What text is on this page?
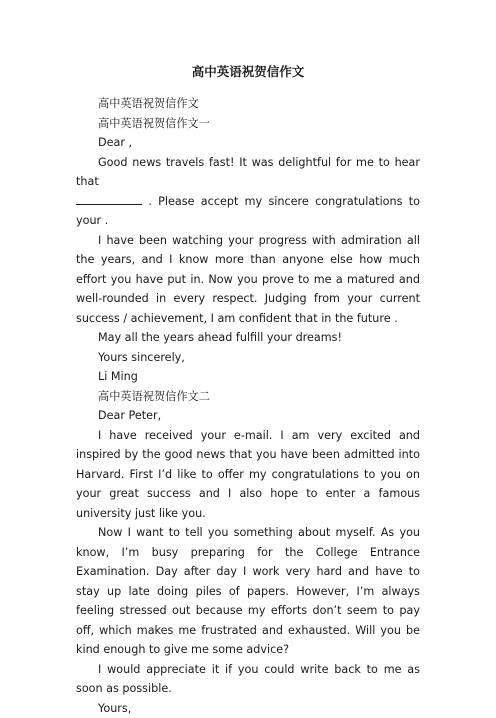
高中英语祝贺信作文

高中英语祝贺信作文

高中英语祝贺信作文一

Dear ,

Good news travels fast! It was delightful for me to hear that

. Please accept my sincere congratulations to your .

I have been watching your progress with admiration all the years, and I know more than anyone else how much effort you have put in. Now you prove to me a matured and well-rounded in every respect. Judging from your current success / achievement, I am confident that in the future .

May all the years ahead fulfill your dreams!

Yours sincerely,

Li Ming

高中英语祝贺信作文二

Dear Peter,

I have received your e-mail. I am very excited and inspired by the good news that you have been admitted into Harvard. First I’d like to offer my congratulations to you on your great success and I also hope to enter a famous university just like you.

Now I want to tell you something about myself. As you know, I’m busy preparing for the College Entrance Examination. Day after day I work very hard and have to stay up late doing piles of papers. However, I’m always feeling stressed out because my efforts don’t seem to pay off, which makes me frustrated and exhausted. Will you be kind enough to give me some advice?

I would appreciate it if you could write back to me as soon as possible.

Yours,
